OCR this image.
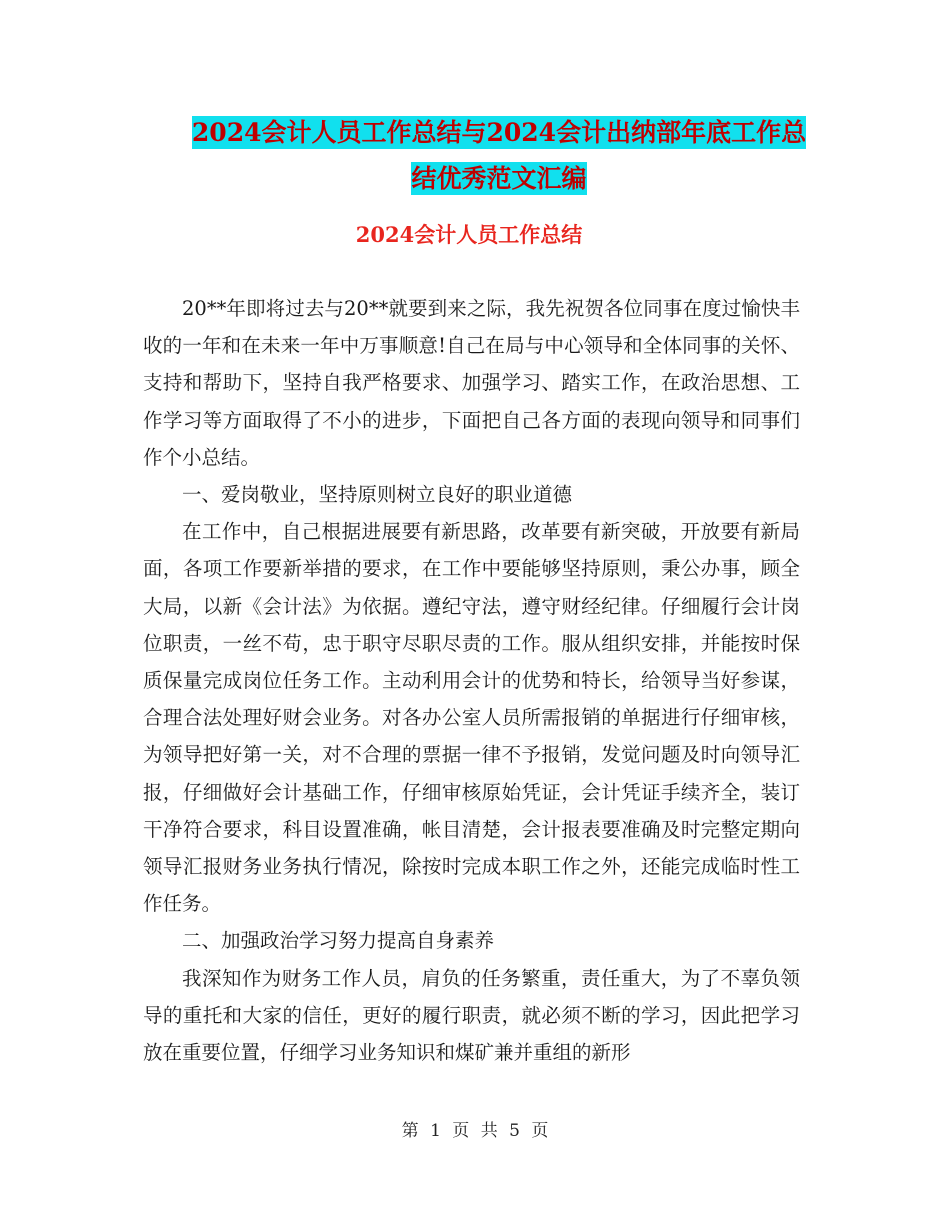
2024会计人员工作总结与2024会计出纳部年底工作总
结优秀范文汇编
2024会计人员工作总结

20**年即将过去与20**就要到来之际，我先祝贺各位同事在度过愉快丰收的一年和在未来一年中万事顺意!自己在局与中心领导和全体同事的关怀、支持和帮助下，坚持自我严格要求、加强学习、踏实工作，在政治思想、工作学习等方面取得了不小的进步，下面把自己各方面的表现向领导和同事们作个小总结。

一、爱岗敬业，坚持原则树立良好的职业道德

在工作中，自己根据进展要有新思路，改革要有新突破，开放要有新局面，各项工作要新举措的要求，在工作中要能够坚持原则，秉公办事，顾全大局，以新《会计法》为依据。遵纪守法，遵守财经纪律。仔细履行会计岗位职责，一丝不苟，忠于职守尽职尽责的工作。服从组织安排，并能按时保质保量完成岗位任务工作。主动利用会计的优势和特长，给领导当好参谋，合理合法处理好财会业务。对各办公室人员所需报销的单据进行仔细审核，为领导把好第一关，对不合理的票据一律不予报销，发觉问题及时向领导汇报，仔细做好会计基础工作，仔细审核原始凭证，会计凭证手续齐全，装订干净符合要求，科目设置准确，帐目清楚，会计报表要准确及时完整定期向领导汇报财务业务执行情况，除按时完成本职工作之外，还能完成临时性工作任务。

二、加强政治学习努力提高自身素养

我深知作为财务工作人员，肩负的任务繁重，责任重大，为了不辜负领导的重托和大家的信任，更好的履行职责，就必须不断的学习，因此把学习放在重要位置，仔细学习业务知识和煤矿兼并重组的新形

第 1 页 共 5 页
